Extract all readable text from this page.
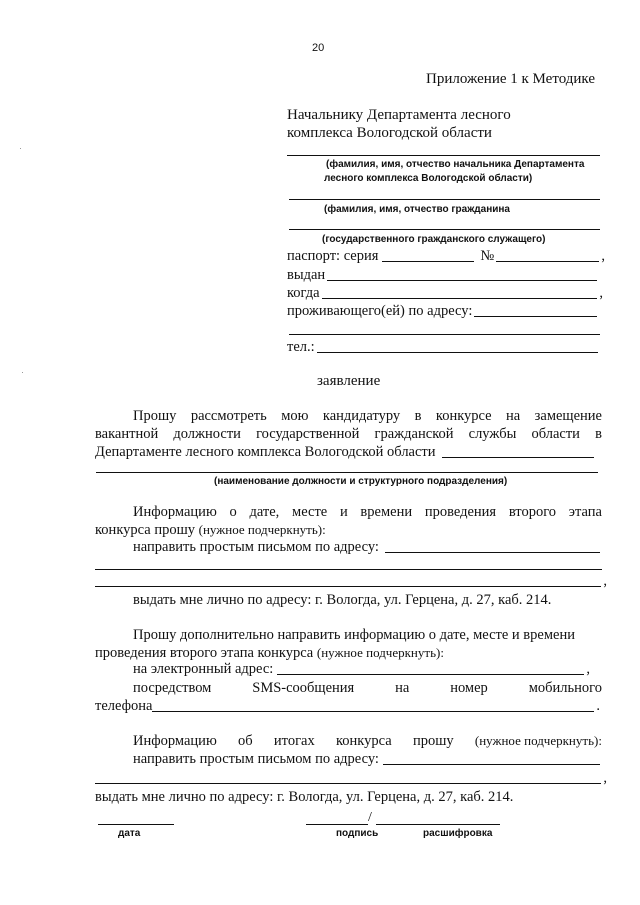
20
Приложение 1 к Методике
Начальнику Департамента лесного
комплекса Вологодской области
(фамилия, имя, отчество начальника Департамента
лесного комплекса Вологодской области)
(фамилия, имя, отчество гражданина
(государственного гражданского служащего)
паспорт: серия	№	,
выдан
когда	,
проживающего(ей) по адресу:
тел.:
заявление
Прошу рассмотреть мою кандидатуру в конкурсе на замещение
вакантной должности государственной гражданской службы области в
Департаменте лесного комплекса Вологодской области
(наименование должности и структурного подразделения)
Информацию о дате, месте и времени проведения второго этапа
конкурса прошу (нужное подчеркнуть):
направить простым письмом по адресу:
,
выдать мне лично по адресу: г. Вологда, ул. Герцена, д. 27, каб. 214.
Прошу дополнительно направить информацию о дате, месте и времени
проведения второго этапа конкурса (нужное подчеркнуть):
на электронный адрес:	,
посредством	SMS-сообщения	на	номер	мобильного
телефона	.
Информацию об итогах конкурса прошу (нужное подчеркнуть):
направить простым письмом по адресу:
,
выдать мне лично по адресу: г. Вологда, ул. Герцена, д. 27, каб. 214.
дата
/
подпись	расшифровка
